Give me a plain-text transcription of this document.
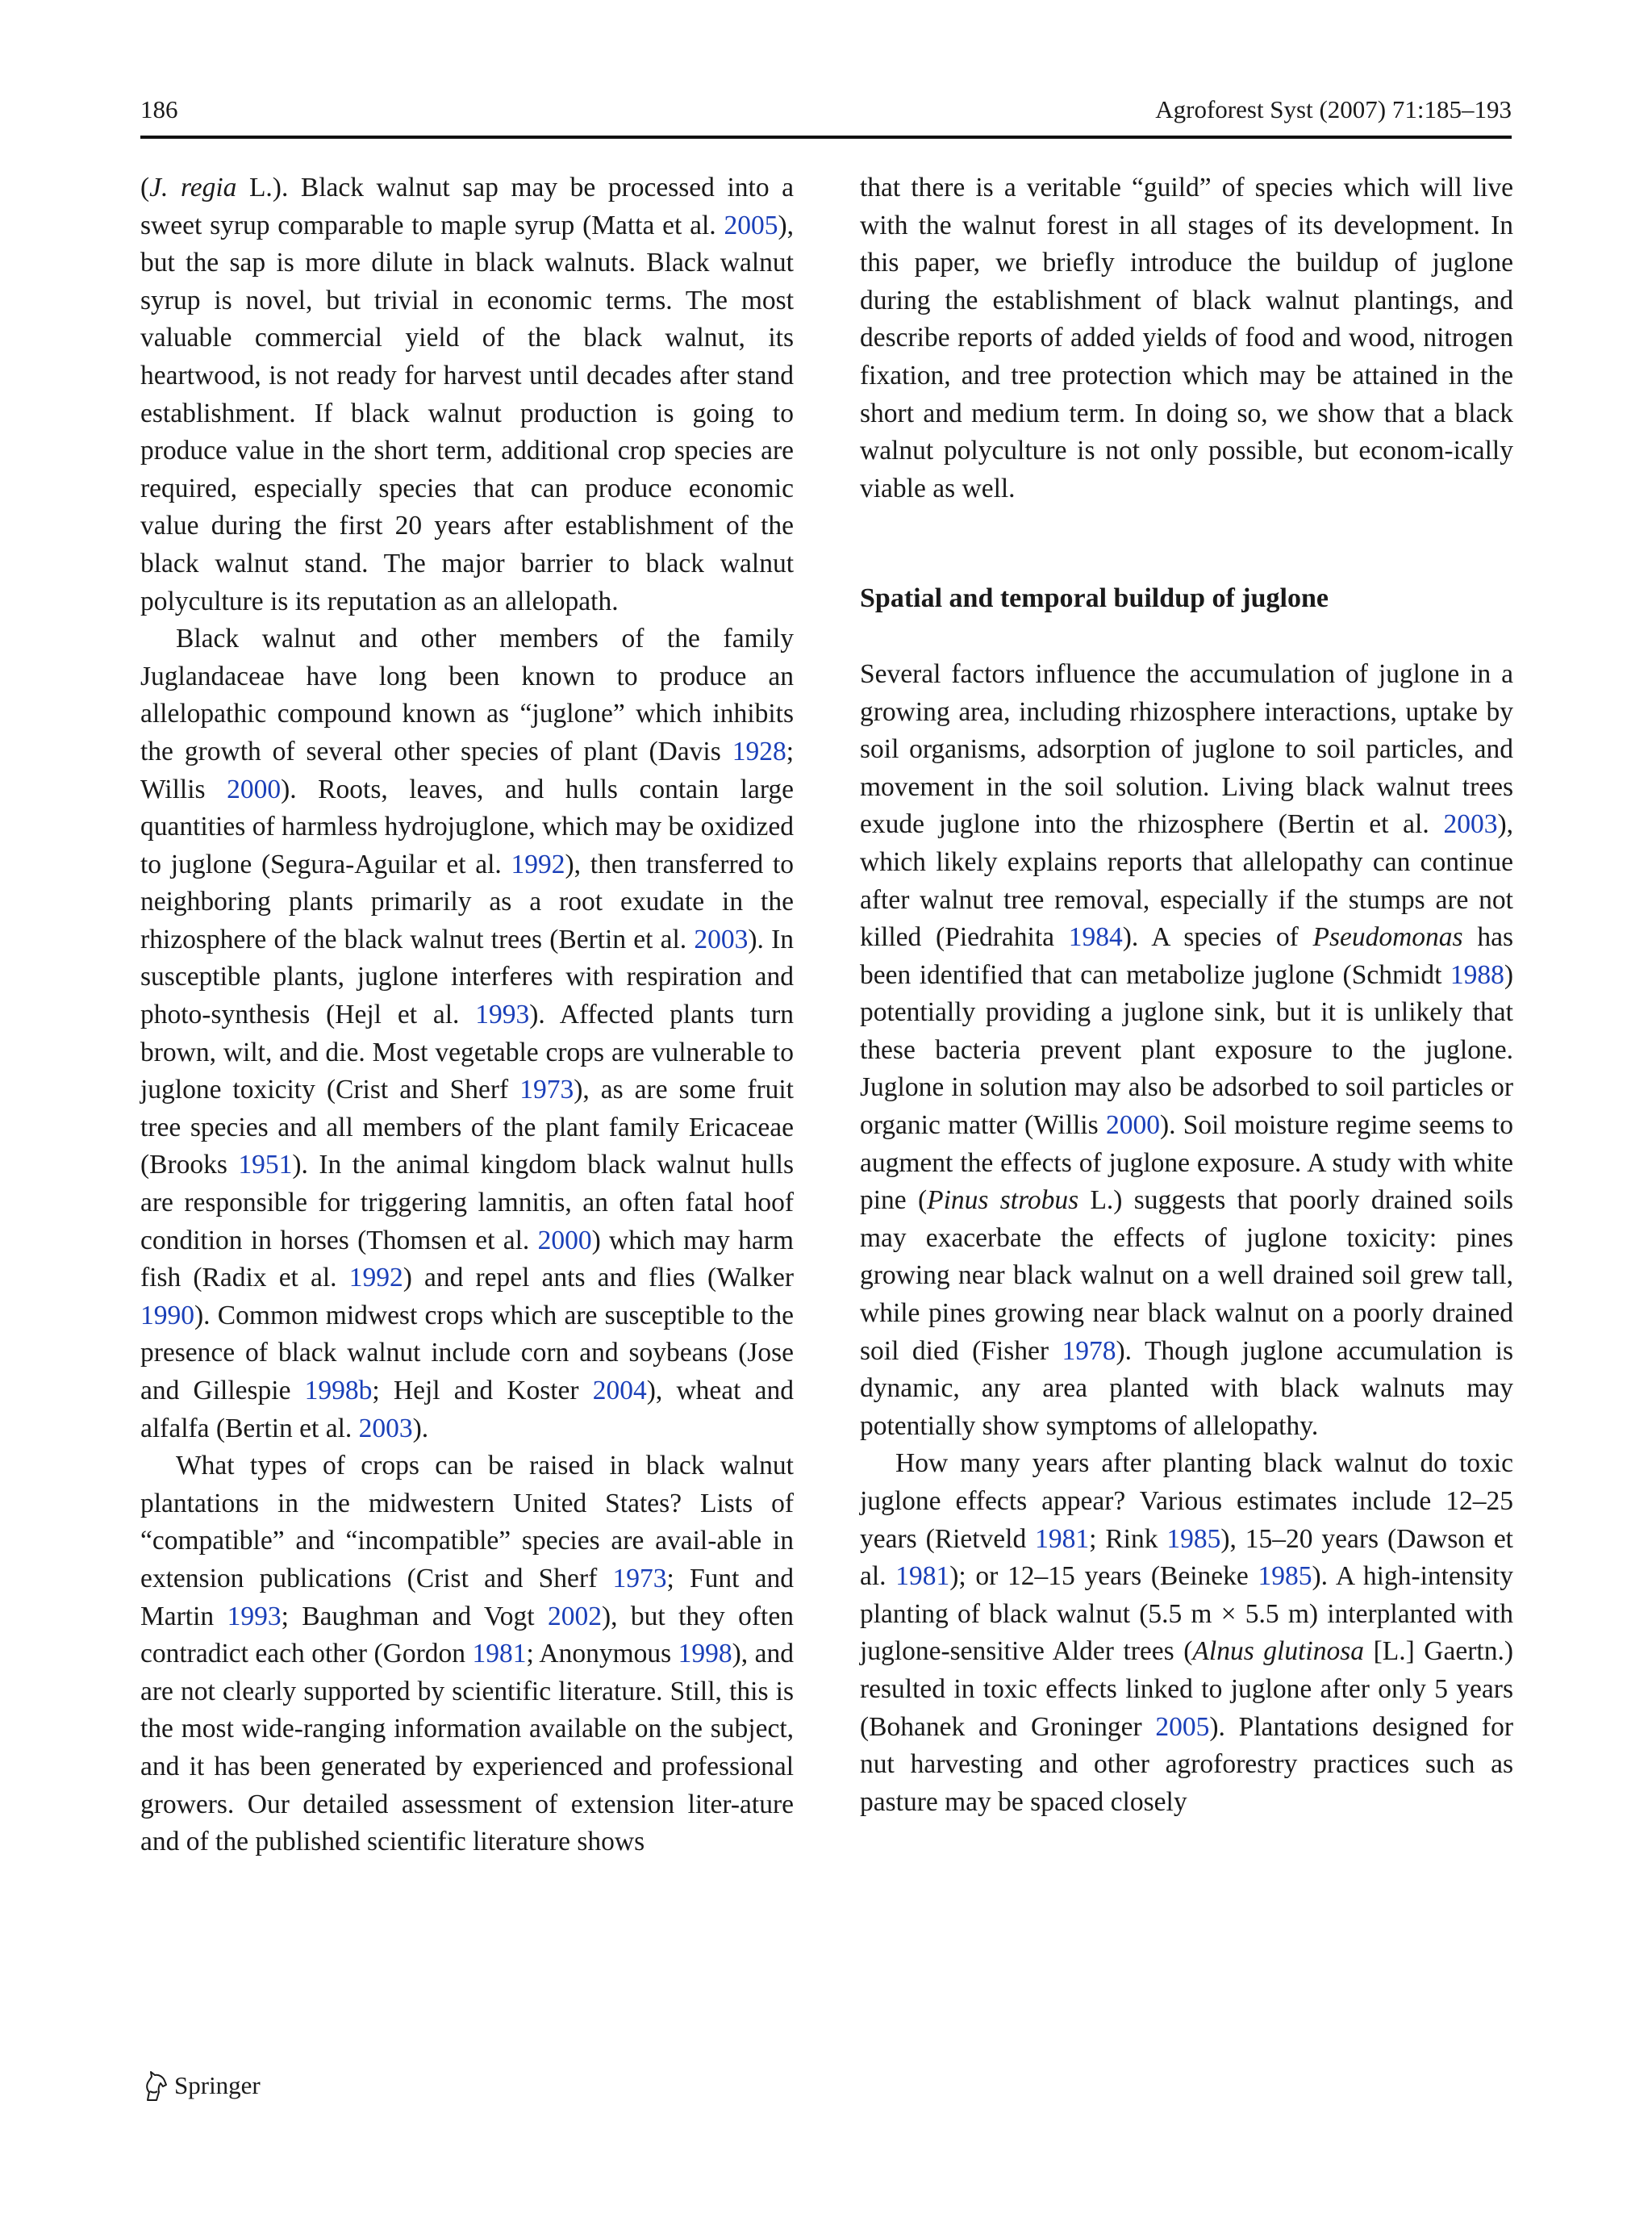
186	Agroforest Syst (2007) 71:185–193

(J. regia L.). Black walnut sap may be processed into a sweet syrup comparable to maple syrup (Matta et al. 2005), but the sap is more dilute in black walnuts. Black walnut syrup is novel, but trivial in economic terms. The most valuable commercial yield of the black walnut, its heartwood, is not ready for harvest until decades after stand establishment. If black walnut production is going to produce value in the short term, additional crop species are required, especially species that can produce economic value during the first 20 years after establishment of the black walnut stand. The major barrier to black walnut polyculture is its reputation as an allelopath.

Black walnut and other members of the family Juglandaceae have long been known to produce an allelopathic compound known as “juglone” which inhibits the growth of several other species of plant (Davis 1928; Willis 2000). Roots, leaves, and hulls contain large quantities of harmless hydrojuglone, which may be oxidized to juglone (Segura-Aguilar et al. 1992), then transferred to neighboring plants primarily as a root exudate in the rhizosphere of the black walnut trees (Bertin et al. 2003). In susceptible plants, juglone interferes with respiration and photo-synthesis (Hejl et al. 1993). Affected plants turn brown, wilt, and die. Most vegetable crops are vulnerable to juglone toxicity (Crist and Sherf 1973), as are some fruit tree species and all members of the plant family Ericaceae (Brooks 1951). In the animal kingdom black walnut hulls are responsible for triggering lamnitis, an often fatal hoof condition in horses (Thomsen et al. 2000) which may harm fish (Radix et al. 1992) and repel ants and flies (Walker 1990). Common midwest crops which are susceptible to the presence of black walnut include corn and soybeans (Jose and Gillespie 1998b; Hejl and Koster 2004), wheat and alfalfa (Bertin et al. 2003).

What types of crops can be raised in black walnut plantations in the midwestern United States? Lists of “compatible” and “incompatible” species are avail-able in extension publications (Crist and Sherf 1973; Funt and Martin 1993; Baughman and Vogt 2002), but they often contradict each other (Gordon 1981; Anonymous 1998), and are not clearly supported by scientific literature. Still, this is the most wide-ranging information available on the subject, and it has been generated by experienced and professional growers. Our detailed assessment of extension liter-ature and of the published scientific literature shows

that there is a veritable “guild” of species which will live with the walnut forest in all stages of its development. In this paper, we briefly introduce the buildup of juglone during the establishment of black walnut plantings, and describe reports of added yields of food and wood, nitrogen fixation, and tree protection which may be attained in the short and medium term. In doing so, we show that a black walnut polyculture is not only possible, but econom-ically viable as well.

Spatial and temporal buildup of juglone

Several factors influence the accumulation of juglone in a growing area, including rhizosphere interactions, uptake by soil organisms, adsorption of juglone to soil particles, and movement in the soil solution. Living black walnut trees exude juglone into the rhizosphere (Bertin et al. 2003), which likely explains reports that allelopathy can continue after walnut tree removal, especially if the stumps are not killed (Piedrahita 1984). A species of Pseudomonas has been identified that can metabolize juglone (Schmidt 1988) potentially providing a juglone sink, but it is unlikely that these bacteria prevent plant exposure to the juglone. Juglone in solution may also be adsorbed to soil particles or organic matter (Willis 2000). Soil moisture regime seems to augment the effects of juglone exposure. A study with white pine (Pinus strobus L.) suggests that poorly drained soils may exacerbate the effects of juglone toxicity: pines growing near black walnut on a well drained soil grew tall, while pines growing near black walnut on a poorly drained soil died (Fisher 1978). Though juglone accumulation is dynamic, any area planted with black walnuts may potentially show symptoms of allelopathy.

How many years after planting black walnut do toxic juglone effects appear? Various estimates include 12–25 years (Rietveld 1981; Rink 1985), 15–20 years (Dawson et al. 1981); or 12–15 years (Beineke 1985). A high-intensity planting of black walnut (5.5 m × 5.5 m) interplanted with juglone-sensitive Alder trees (Alnus glutinosa [L.] Gaertn.) resulted in toxic effects linked to juglone after only 5 years (Bohanek and Groninger 2005). Plantations designed for nut harvesting and other agroforestry practices such as pasture may be spaced closely

Springer
